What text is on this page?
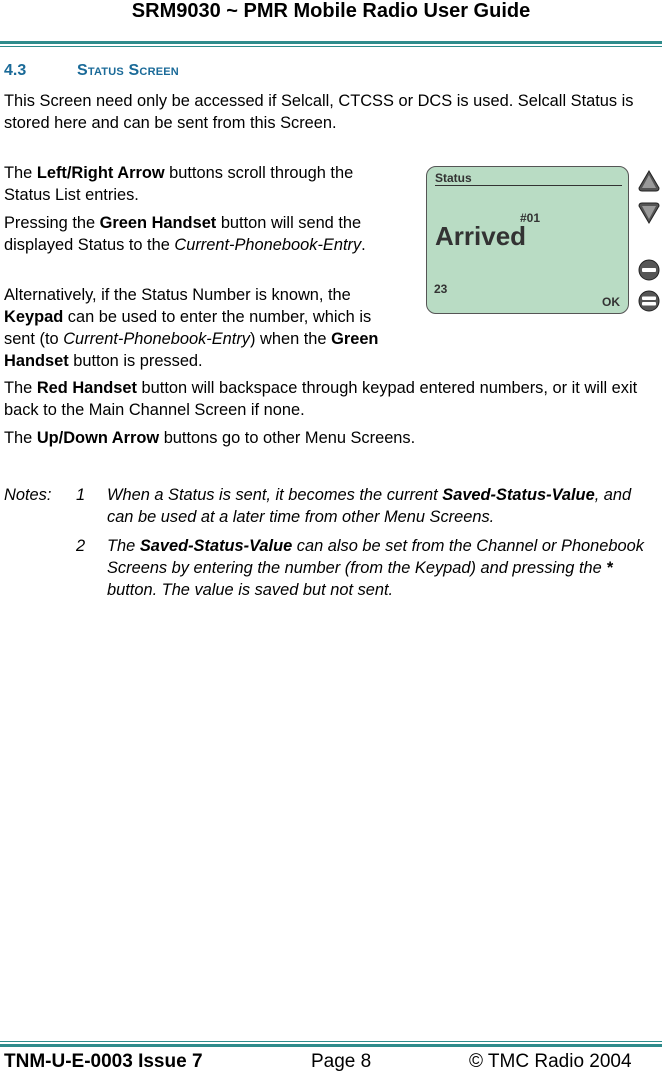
SRM9030 ~ PMR Mobile Radio User Guide
4.3	Status Screen
This Screen need only be accessed if Selcall, CTCSS or DCS is used. Selcall Status is stored here and can be sent from this Screen.
The Left/Right Arrow buttons scroll through the Status List entries.
Pressing the Green Handset button will send the displayed Status to the Current-Phonebook-Entry.
Alternatively, if the Status Number is known, the Keypad can be used to enter the number, which is sent (to Current-Phonebook-Entry) when the Green Handset button is pressed.
The Red Handset button will backspace through keypad entered numbers, or it will exit back to the Main Channel Screen if none.
The Up/Down Arrow buttons go to other Menu Screens.
Notes: 1 When a Status is sent, it becomes the current Saved-Status-Value, and can be used at a later time from other Menu Screens.
2 The Saved-Status-Value can also be set from the Channel or Phonebook Screens by entering the number (from the Keypad) and pressing the * button. The value is saved but not sent.
Status
#01
Arrived
23
OK
TNM-U-E-0003 Issue 7	Page 8	© TMC Radio 2004
